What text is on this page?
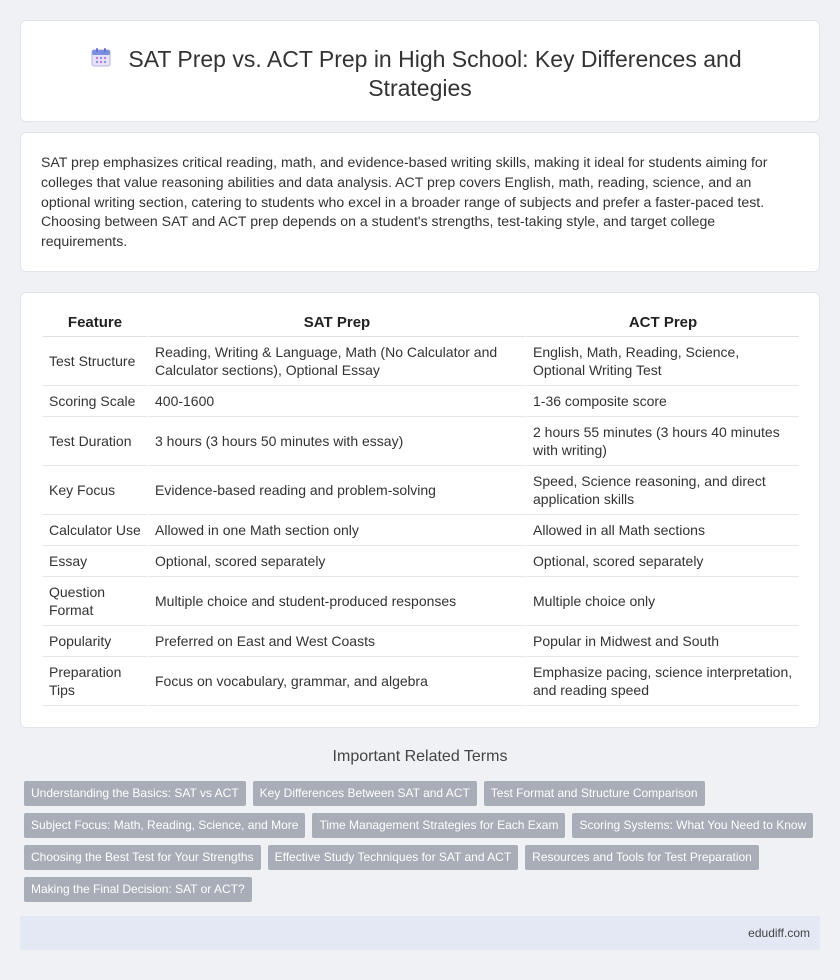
SAT Prep vs. ACT Prep in High School: Key Differences and
Strategies

SAT prep emphasizes critical reading, math, and evidence-based writing skills, making it ideal for students aiming for colleges that value reasoning abilities and data analysis. ACT prep covers English, math, reading, science, and an optional writing section, catering to students who excel in a broader range of subjects and prefer a faster-paced test. Choosing between SAT and ACT prep depends on a student's strengths, test-taking style, and target college requirements.

Feature	SAT Prep	ACT Prep
Test Structure	Reading, Writing & Language, Math (No Calculator and Calculator sections), Optional Essay	English, Math, Reading, Science, Optional Writing Test
Scoring Scale	400-1600	1-36 composite score
Test Duration	3 hours (3 hours 50 minutes with essay)	2 hours 55 minutes (3 hours 40 minutes with writing)
Key Focus	Evidence-based reading and problem-solving	Speed, Science reasoning, and direct application skills
Calculator Use	Allowed in one Math section only	Allowed in all Math sections
Essay	Optional, scored separately	Optional, scored separately
Question Format	Multiple choice and student-produced responses	Multiple choice only
Popularity	Preferred on East and West Coasts	Popular in Midwest and South
Preparation Tips	Focus on vocabulary, grammar, and algebra	Emphasize pacing, science interpretation, and reading speed
Important Related Terms
Understanding the Basics: SAT vs ACT	Key Differences Between SAT and ACT	Test Format and Structure Comparison
Subject Focus: Math, Reading, Science, and More	Time Management Strategies for Each Exam	Scoring Systems: What You Need to Know
Choosing the Best Test for Your Strengths	Effective Study Techniques for SAT and ACT	Resources and Tools for Test Preparation
Making the Final Decision: SAT or ACT?
edudiff.com
